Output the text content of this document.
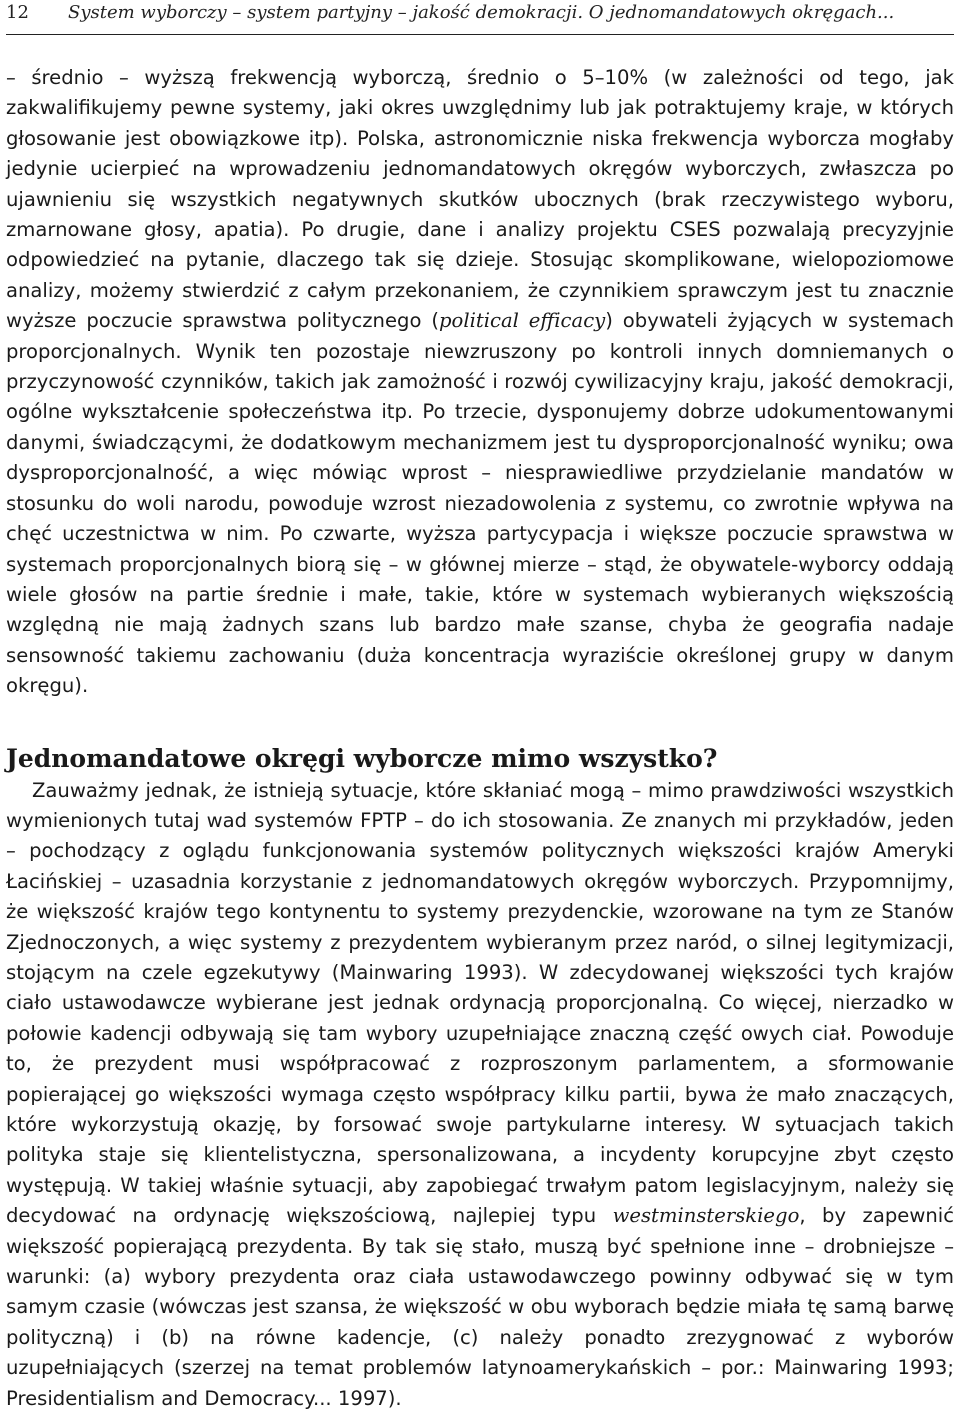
12	System wyborczy – system partyjny – jakość demokracji. O jednomandatowych okręgach...

– średnio – wyższą frekwencją wyborczą, średnio o 5–10% (w zależności od tego, jak zakwalifikujemy pewne systemy, jaki okres uwzględnimy lub jak potraktujemy kraje, w których głosowanie jest obowiązkowe itp). Polska, astronomicznie niska frekwencja wyborcza mogłaby jedynie ucierpieć na wprowadzeniu jednomandatowych okręgów wyborczych, zwłaszcza po ujawnieniu się wszystkich negatywnych skutków ubocznych (brak rzeczywistego wyboru, zmarnowane głosy, apatia). Po drugie, dane i analizy projektu CSES pozwalają precyzyjnie odpowiedzieć na pytanie, dlaczego tak się dzieje. Stosując skomplikowane, wielopoziomowe analizy, możemy stwierdzić z całym przekonaniem, że czynnikiem sprawczym jest tu znacznie wyższe poczucie sprawstwa politycznego (political efficacy) obywateli żyjących w systemach proporcjonalnych. Wynik ten pozostaje niewzruszony po kontroli innych domniemanych o przyczynowość czynników, takich jak zamożność i rozwój cywilizacyjny kraju, jakość demokracji, ogólne wykształcenie społeczeństwa itp. Po trzecie, dysponujemy dobrze udokumentowanymi danymi, świadczącymi, że dodatkowym mechanizmem jest tu dysproporcjonalność wyniku; owa dysproporcjonalność, a więc mówiąc wprost – niesprawiedliwe przydzielanie mandatów w stosunku do woli narodu, powoduje wzrost niezadowolenia z systemu, co zwrotnie wpływa na chęć uczestnictwa w nim. Po czwarte, wyższa partycypacja i większe poczucie sprawstwa w systemach proporcjonalnych biorą się – w głównej mierze – stąd, że obywatele-wyborcy oddają wiele głosów na partie średnie i małe, takie, które w systemach wybieranych większością względną nie mają żadnych szans lub bardzo małe szanse, chyba że geografia nadaje sensowność takiemu zachowaniu (duża koncentracja wyraziście określonej grupy w danym okręgu).

Jednomandatowe okręgi wyborcze mimo wszystko?

Zauważmy jednak, że istnieją sytuacje, które skłaniać mogą – mimo prawdziwości wszystkich wymienionych tutaj wad systemów FPTP – do ich stosowania. Ze znanych mi przykładów, jeden – pochodzący z oglądu funkcjonowania systemów politycznych większości krajów Ameryki Łacińskiej – uzasadnia korzystanie z jednomandatowych okręgów wyborczych. Przypomnijmy, że większość krajów tego kontynentu to systemy prezydenckie, wzorowane na tym ze Stanów Zjednoczonych, a więc systemy z prezydentem wybieranym przez naród, o silnej legitymizacji, stojącym na czele egzekutywy (Mainwaring 1993). W zdecydowanej większości tych krajów ciało ustawodawcze wybierane jest jednak ordynacją proporcjonalną. Co więcej, nierzadko w połowie kadencji odbywają się tam wybory uzupełniające znaczną część owych ciał. Powoduje to, że prezydent musi współpracować z rozproszonym parlamentem, a sformowanie popierającej go większości wymaga często współpracy kilku partii, bywa że mało znaczących, które wykorzystują okazję, by forsować swoje partykularne interesy. W sytuacjach takich polityka staje się klientelistyczna, spersonalizowana, a incydenty korupcyjne zbyt często występują. W takiej właśnie sytuacji, aby zapobiegać trwałym patom legislacyjnym, należy się decydować na ordynację większościową, najlepiej typu westminsterskiego, by zapewnić większość popierającą prezydenta. By tak się stało, muszą być spełnione inne – drobniejsze – warunki: (a) wybory prezydenta oraz ciała ustawodawczego powinny odbywać się w tym samym czasie (wówczas jest szansa, że większość w obu wyborach będzie miała tę samą barwę polityczną) i (b) na równe kadencje, (c) należy ponadto zrezygnować z wyborów uzupełniających (szerzej na temat problemów latynoamerykańskich – por.: Mainwaring 1993; Presidentialism and Democracy... 1997).
